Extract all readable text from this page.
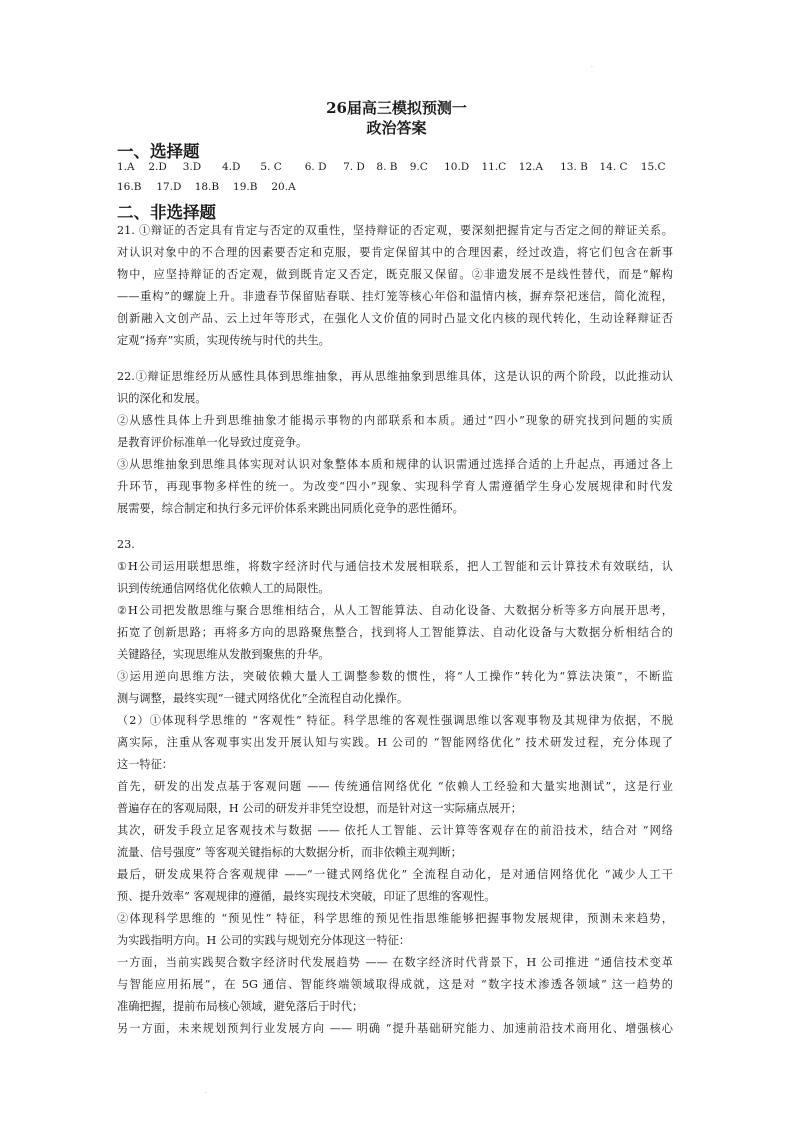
·
26届高三模拟预测一
政治答案
一、选择题
1.A 2.D 3.D 4.D 5. C 6. D 7. D 8. B 9.C 10.D 11.C 12.A 13. B 14. C 15.C
16.B 17.D 18.B 19.B 20.A
二、非选择题
21. ①辩证的否定具有肯定与否定的双重性，坚持辩证的否定观，要深刻把握肯定与否定之间的辩证关系。
对认识对象中的不合理的因素要否定和克服，要肯定保留其中的合理因素，经过改造，将它们包含在新事
物中，应坚持辩证的否定观，做到既肯定又否定，既克服又保留。②非遗发展不是线性替代，而是“解构
——重构”的螺旋上升。非遗春节保留贴春联、挂灯笼等核心年俗和温情内核，摒弃祭祀迷信，简化流程，
创新融入文创产品、云上过年等形式，在强化人文价值的同时凸显文化内核的现代转化，生动诠释辩证否
定观“扬弃”实质，实现传统与时代的共生。
22.①辩证思维经历从感性具体到思维抽象，再从思维抽象到思维具体，这是认识的两个阶段，以此推动认
识的深化和发展。
②从感性具体上升到思维抽象才能揭示事物的内部联系和本质。通过“四小”现象的研究找到问题的实质
是教育评价标准单一化导致过度竞争。
③从思维抽象到思维具体实现对认识对象整体本质和规律的认识需通过选择合适的上升起点，再通过各上
升环节，再现事物多样性的统一。为改变“四小”现象、实现科学育人需遵循学生身心发展规律和时代发
展需要，综合制定和执行多元评价体系来跳出同质化竞争的恶性循环。
23.
①H公司运用联想思维，将数字经济时代与通信技术发展相联系，把人工智能和云计算技术有效联结，认
识到传统通信网络优化依赖人工的局限性。
②H公司把发散思维与聚合思维相结合，从人工智能算法、自动化设备、大数据分析等多方向展开思考，
拓宽了创新思路；再将多方向的思路聚焦整合，找到将人工智能算法、自动化设备与大数据分析相结合的
关键路径，实现思维从发散到聚焦的升华。
③运用逆向思维方法，突破依赖大量人工调整参数的惯性，将“人工操作”转化为“算法决策”，不断监
测与调整，最终实现“一键式网络优化”全流程自动化操作。
（2）①体现科学思维的 “客观性” 特征。科学思维的客观性强调思维以客观事物及其规律为依据，不脱
离实际，注重从客观事实出发开展认知与实践。H 公司的 “智能网络优化” 技术研发过程，充分体现了
这一特征：
首先，研发的出发点基于客观问题 —— 传统通信网络优化 “依赖人工经验和大量实地测试”，这是行业
普遍存在的客观局限，H 公司的研发并非凭空设想，而是针对这一实际痛点展开；
其次，研发手段立足客观技术与数据 —— 依托人工智能、云计算等客观存在的前沿技术，结合对 “网络
流量、信号强度” 等客观关键指标的大数据分析，而非依赖主观判断；
最后，研发成果符合客观规律 ——“一键式网络优化” 全流程自动化，是对通信网络优化 “减少人工干
预、提升效率” 客观规律的遵循，最终实现技术突破，印证了思维的客观性。
②体现科学思维的 “预见性” 特征，科学思维的预见性指思维能够把握事物发展规律，预测未来趋势，
为实践指明方向。H 公司的实践与规划充分体现这一特征：
一方面，当前实践契合数字经济时代发展趋势 —— 在数字经济时代背景下，H 公司推进 “通信技术变革
与智能应用拓展”，在 5G 通信、智能终端领域取得成就，这是对 “数字技术渗透各领域” 这一趋势的
准确把握，提前布局核心领域，避免落后于时代；
另一方面，未来规划预判行业发展方向 —— 明确 “提升基础研究能力、加速前沿技术商用化、增强核心
·
